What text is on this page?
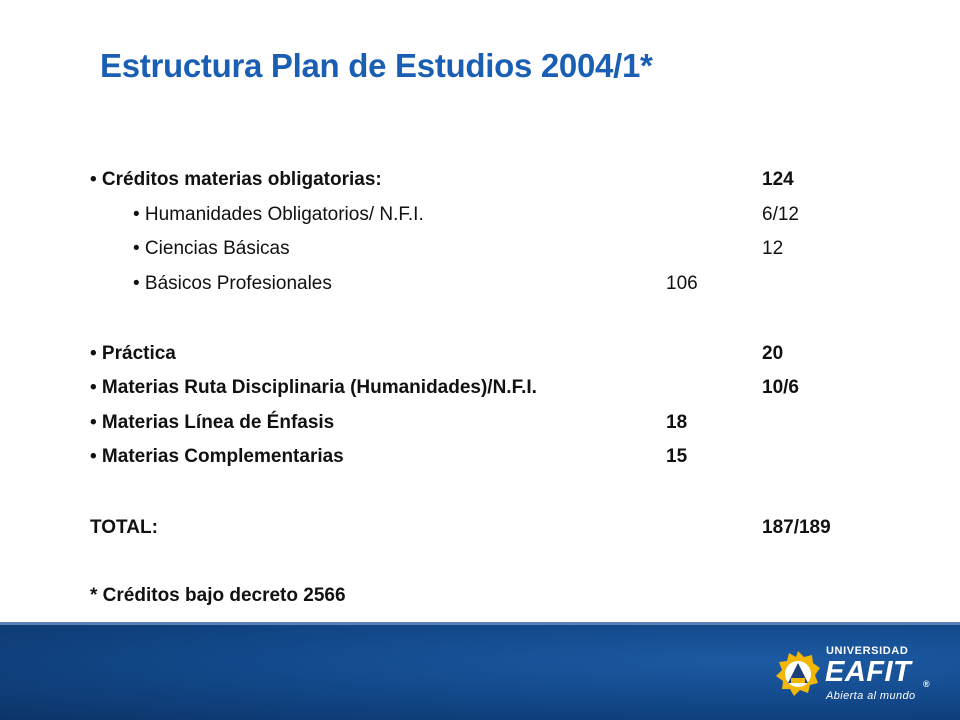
Estructura Plan de Estudios 2004/1*
• Créditos materias obligatorias:	124
• Humanidades Obligatorios/ N.F.I.	6/12
• Ciencias Básicas	12
• Básicos Profesionales	106
• Práctica	20
• Materias Ruta Disciplinaria (Humanidades)/N.F.I.	10/6
• Materias Línea de Énfasis	18
• Materias Complementarias	15
TOTAL:	187/189
* Créditos bajo decreto 2566
UNIVERSIDAD
EAFIT ®
Abierta al mundo
